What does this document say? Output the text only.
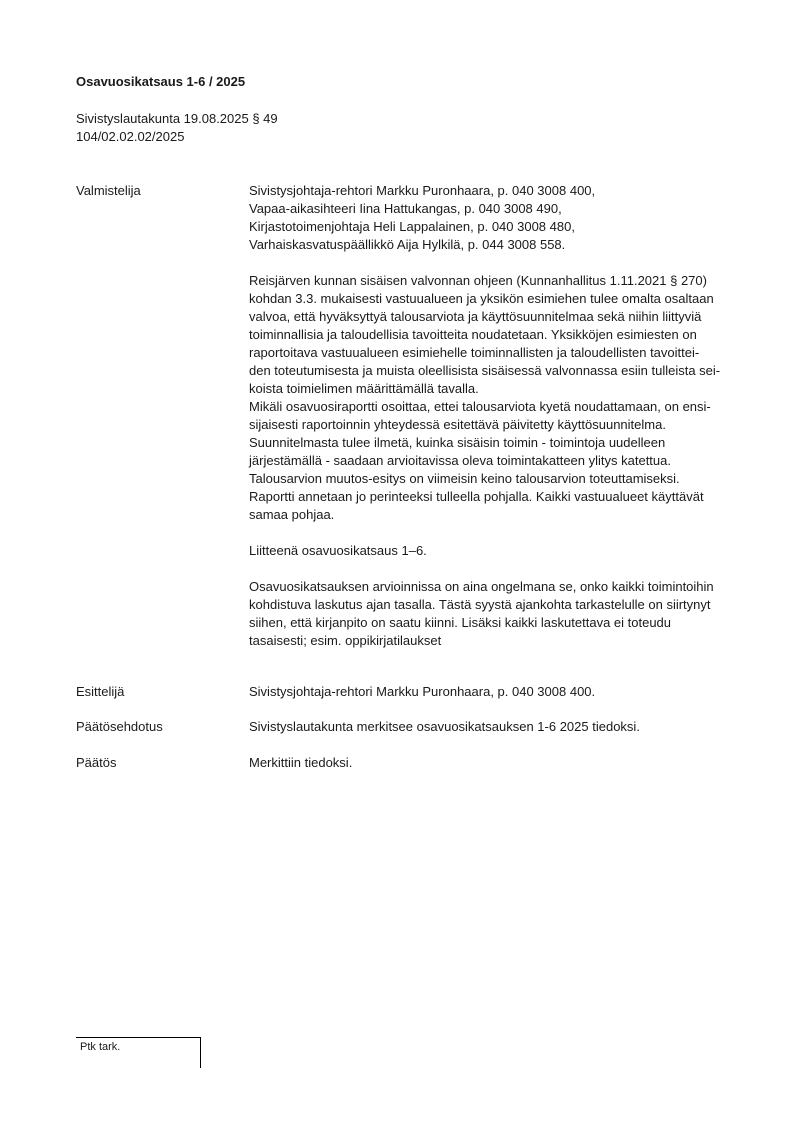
Osavuosikatsaus 1-6 / 2025
Sivistyslautakunta 19.08.2025 § 49
104/02.02.02/2025
Valmistelija	Sivistysjohtaja-rehtori Markku Puronhaara, p. 040 3008 400,
Vapaa-aikasihteeri Iina Hattukangas, p. 040 3008 490,
Kirjastotoimenjohtaja Heli Lappalainen, p. 040 3008 480,
Varhaiskasvatuspäällikkö Aija Hylkilä, p. 044 3008 558.
Reisjärven kunnan sisäisen valvonnan ohjeen (Kunnanhallitus 1.11.2021 § 270)
kohdan 3.3. mukaisesti vastuualueen ja yksikön esimiehen tulee omalta osaltaan
valvoa, että hyväksyttyä talousarviota ja käyttösuunnitelmaa sekä niihin liittyviä
toiminnallisia ja taloudellisia tavoitteita noudatetaan. Yksikköjen esimiesten on
raportoitava vastuualueen esimiehelle toiminnallisten ja taloudellisten tavoittei-
den toteutumisesta ja muista oleellisista sisäisessä valvonnassa esiin tulleista sei-
koista toimielimen määrittämällä tavalla.
Mikäli osavuosiraportti osoittaa, ettei talousarviota kyetä noudattamaan, on ensi-
sijaisesti raportoinnin yhteydessä esitettävä päivitetty käyttösuunnitelma.
Suunnitelmasta tulee ilmetä, kuinka sisäisin toimin - toimintoja uudelleen
järjestämällä - saadaan arvioitavissa oleva toimintakatteen ylitys katettua.
Talousarvion muutos-esitys on viimeisin keino talousarvion toteuttamiseksi.
Raportti annetaan jo perinteeksi tulleella pohjalla. Kaikki vastuualueet käyttävät
samaa pohjaa.
Liitteenä osavuosikatsaus 1–6.
Osavuosikatsauksen arvioinnissa on aina ongelmana se, onko kaikki toimintoihin
kohdistuva laskutus ajan tasalla. Tästä syystä ajankohta tarkastelulle on siirtynyt
siihen, että kirjanpito on saatu kiinni. Lisäksi kaikki laskutettava ei toteudu
tasaisesti; esim. oppikirjatilaukset
Esittelijä	Sivistysjohtaja-rehtori Markku Puronhaara, p. 040 3008 400.
Päätösehdotus	Sivistyslautakunta merkitsee osavuosikatsauksen 1-6 2025 tiedoksi.
Päätös	Merkittiin tiedoksi.
Ptk tark.
